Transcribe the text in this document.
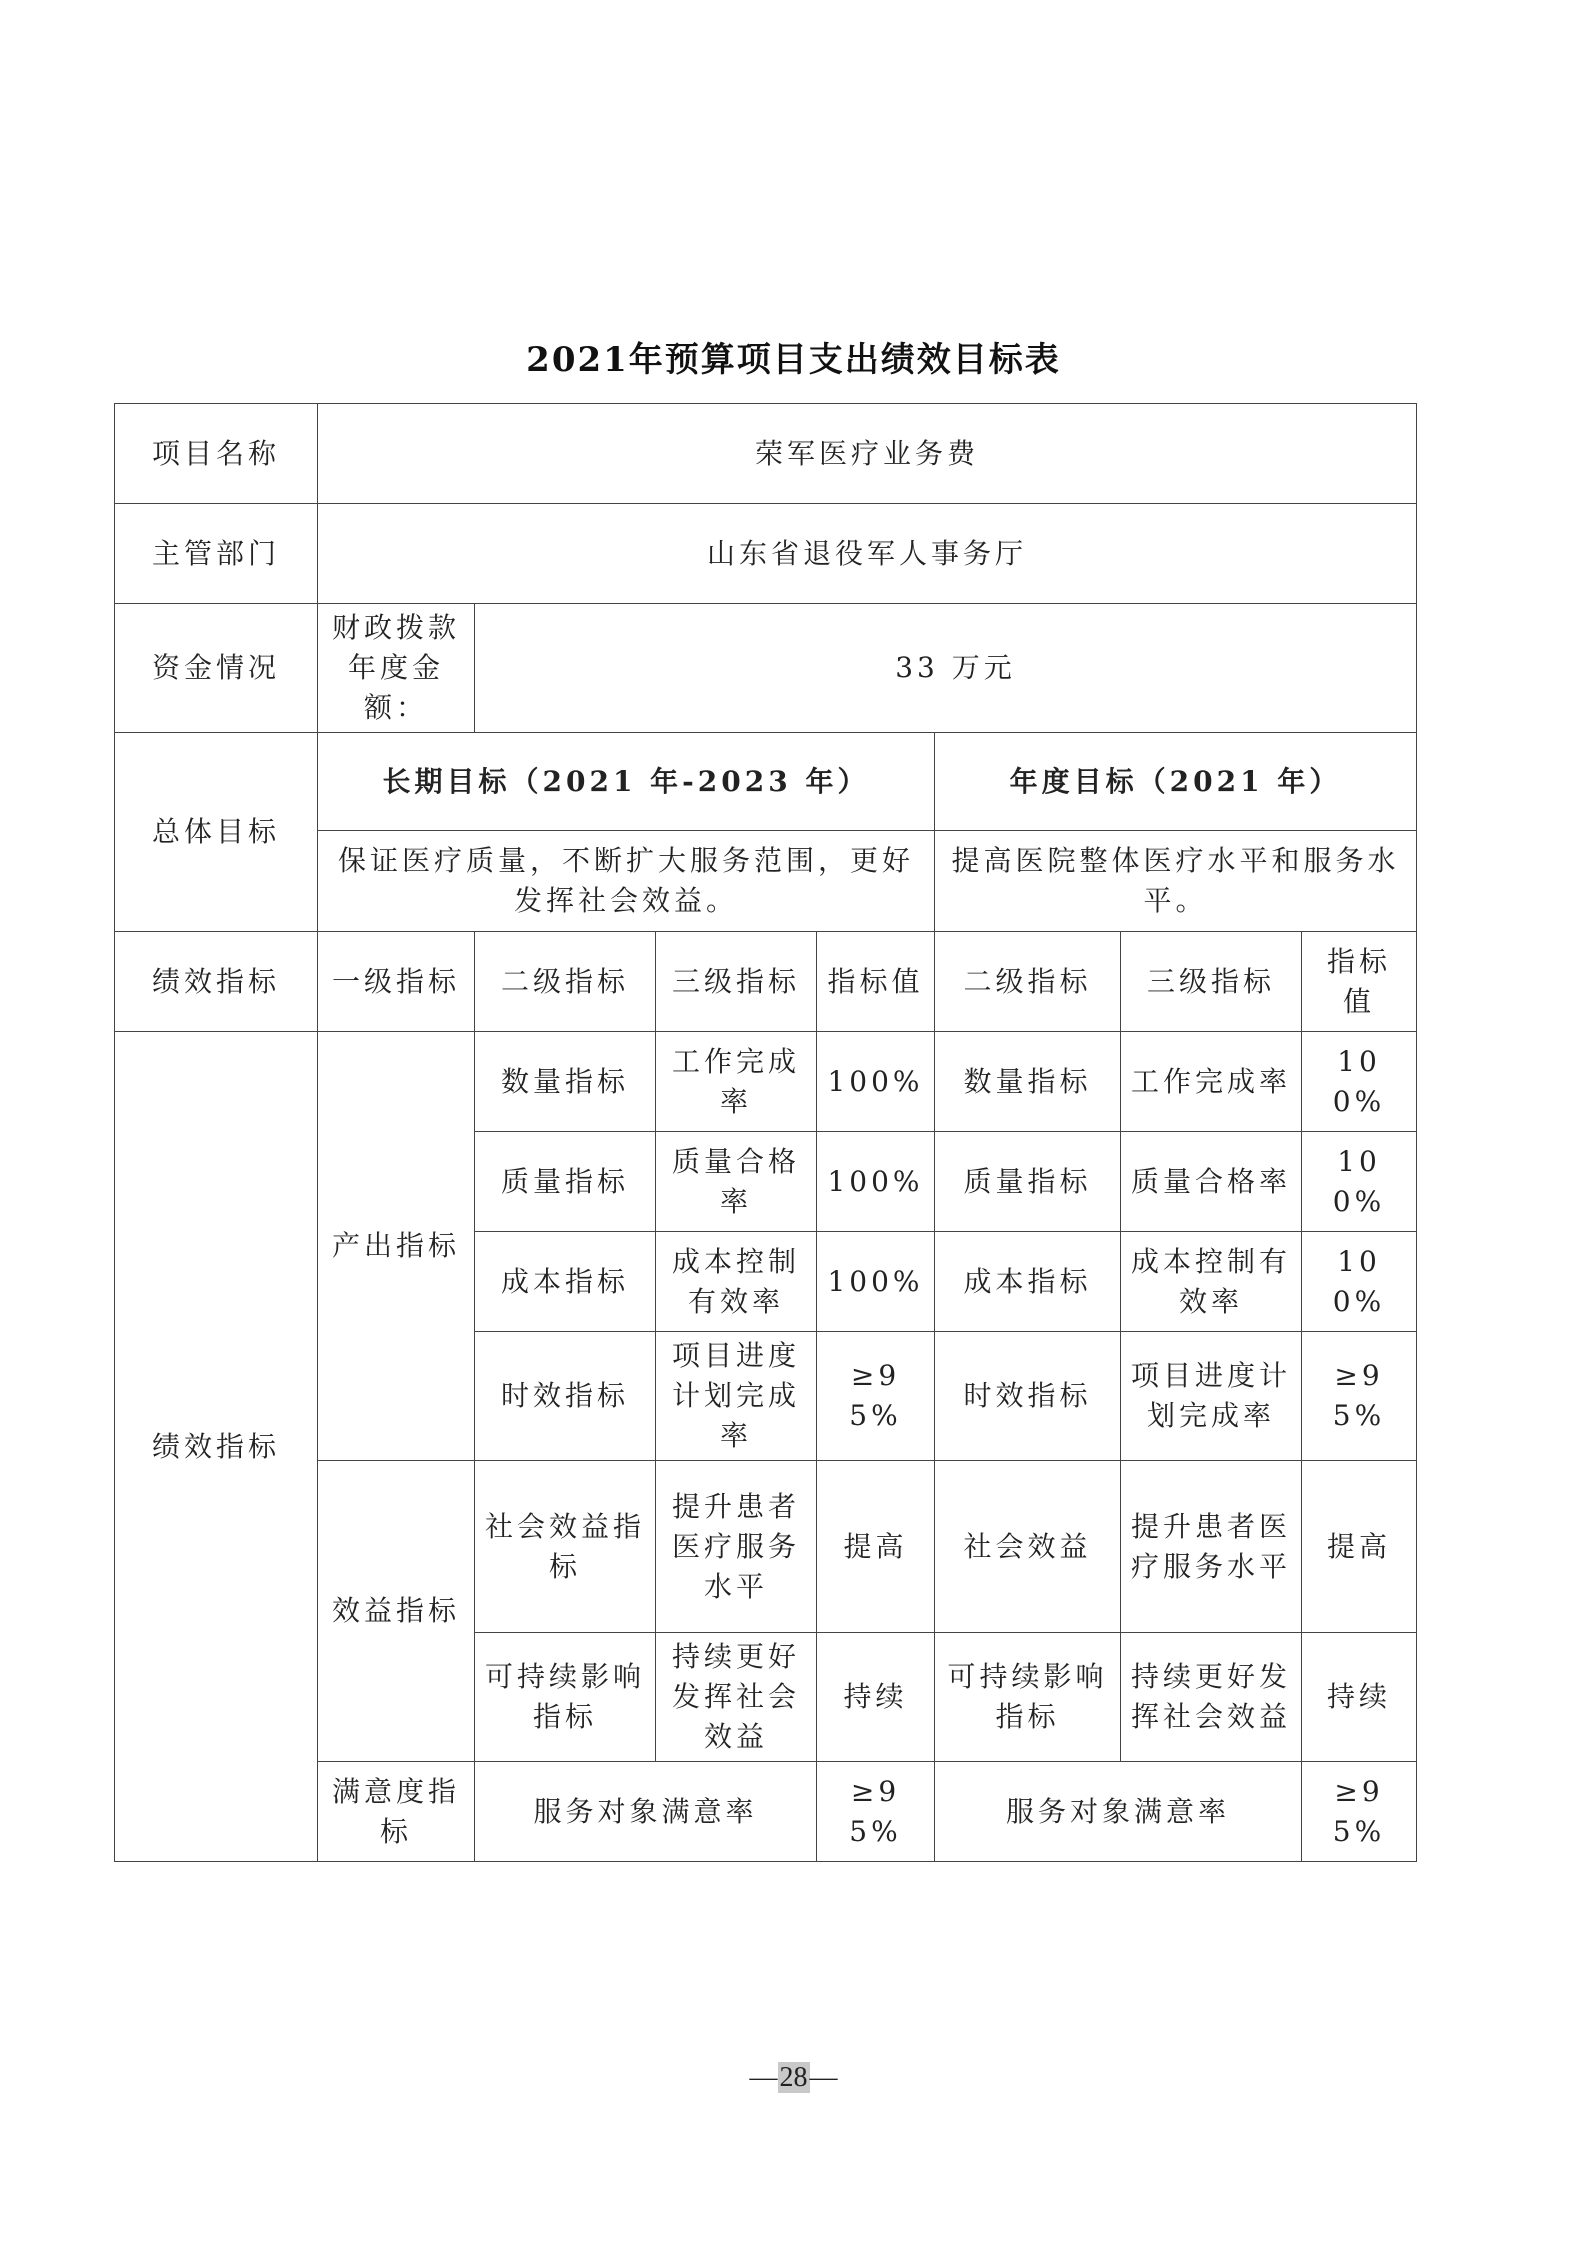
2021年预算项目支出绩效目标表
项目名称	荣军医疗业务费						
主管部门	山东省退役军人事务厅						
资金情况	财政拨款年度金额：	33 万元					
总体目标	长期目标（2021 年-2023 年）				年度目标（2021 年）		
	保证医疗质量，不断扩大服务范围，更好发挥社会效益。				提高医院整体医疗水平和服务水平。		
绩效指标	一级指标	二级指标	三级指标	指标值	二级指标	三级指标	指标值
绩效指标	产出指标	数量指标	工作完成率	100%	数量指标	工作完成率	100%
		质量指标	质量合格率	100%	质量指标	质量合格率	100%
		成本指标	成本控制有效率	100%	成本指标	成本控制有效率	100%
		时效指标	项目进度计划完成率	≥95%	时效指标	项目进度计划完成率	≥95%
	效益指标	社会效益指标	提升患者医疗服务水平	提高	社会效益	提升患者医疗服务水平	提高
		可持续影响指标	持续更好发挥社会效益	持续	可持续影响指标	持续更好发挥社会效益	持续
	满意度指标	服务对象满意率		≥95%	服务对象满意率		≥95%
—28—
